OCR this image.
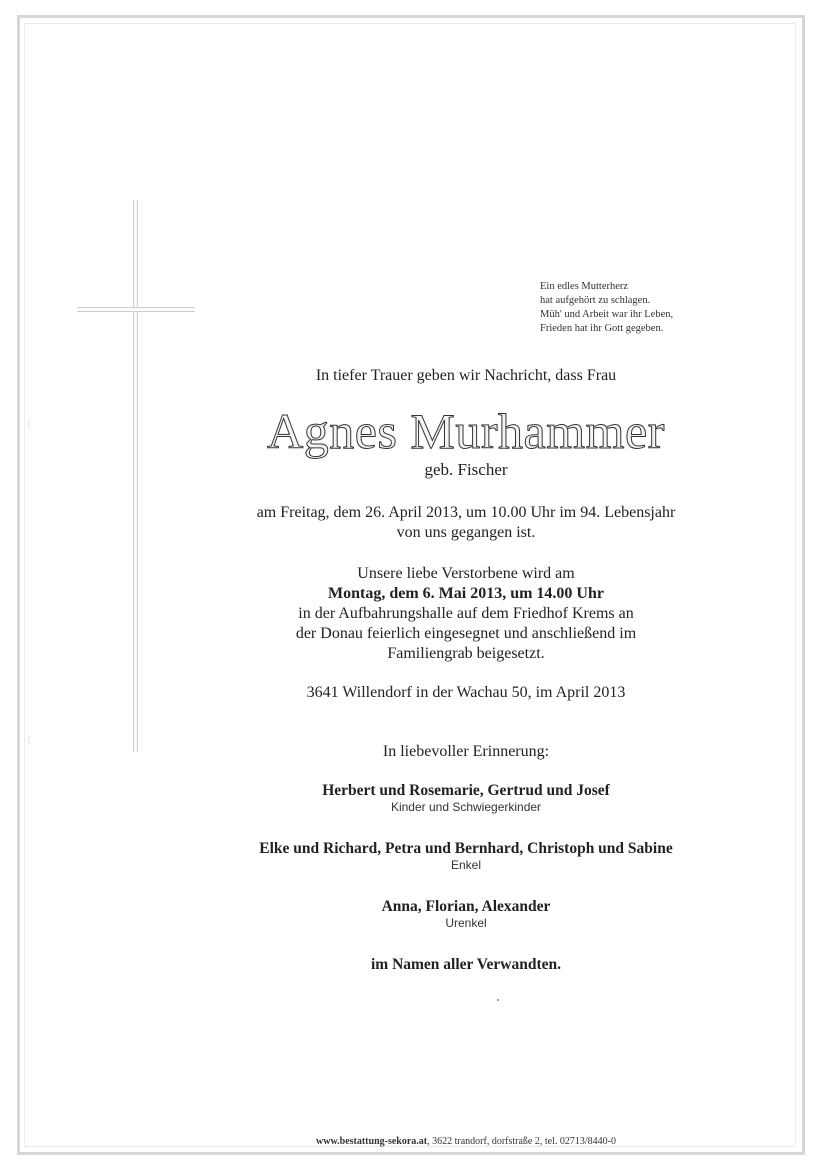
Ein edles Mutterherz
hat aufgehört zu schlagen.
Müh' und Arbeit war ihr Leben,
Frieden hat ihr Gott gegeben.
In tiefer Trauer geben wir Nachricht, dass Frau
Agnes Murhammer
geb. Fischer
am Freitag, dem 26. April 2013, um 10.00 Uhr im 94. Lebensjahr
von uns gegangen ist.
Unsere liebe Verstorbene wird am
Montag, dem 6. Mai 2013, um 14.00 Uhr
in der Aufbahrungshalle auf dem Friedhof Krems an
der Donau feierlich eingesegnet und anschließend im
Familiengrab beigesetzt.
3641 Willendorf in der Wachau 50, im April 2013
In liebevoller Erinnerung:
Herbert und Rosemarie, Gertrud und Josef
Kinder und Schwiegerkinder
Elke und Richard, Petra und Bernhard, Christoph und Sabine
Enkel
Anna, Florian, Alexander
Urenkel
im Namen aller Verwandten.
www.bestattung-sekora.at, 3622 trandorf, dorfstraße 2, tel. 02713/8440-0
